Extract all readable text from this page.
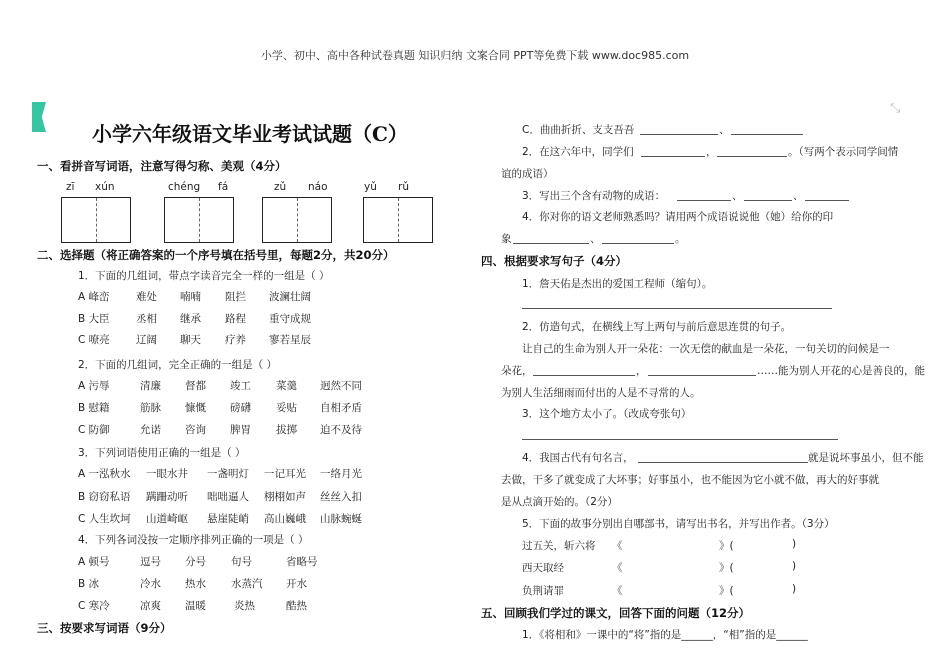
小学、初中、高中各种试卷真题 知识归纳 文案合同 PPT等免费下载 www.doc985.com
⤡
小学六年级语文毕业考试试题（C）
一、看拼音写词语，注意写得匀称、美观（4分）
zī xún	chéng fá	zǔ náo	yǔ rǔ
二、选择题（将正确答案的一个序号填在括号里，每题2分，共20分）
1．下面的几组词，带点字读音完全一样的一组是（ ）
A 峰峦	难处 喃喃 阻拦 波澜壮阔
B 大臣	丞相 继承 路程 重守成规
C 嘹亮	辽阔 聊天 疗养 寥若星辰
2．下面的几组词，完全正确的一组是（ ）
A 污辱	清廉 督都 竣工 菜羹 迥然不同
B 慰籍	筋脉 慷慨 磅礴 妥贴 自相矛盾
C 防御	允诺 咨询 脾胃 拔掷 迫不及待
3．下列词语使用正确的一组是（ ）
A 一泓秋水 一眼水井 一盏明灯 一记耳光 一络月光
B 窃窃私语 蹒跚动听 咄咄逼人 栩栩如声 丝丝入扣
C 人生坎坷 山道崎岖 悬崖陡峭 高山巍峨 山脉蜿蜒
4．下列各词没按一定顺序排列正确的一项是（ ）
A 顿号	逗号 分号 句号	省略号
B 冰	冷水 热水 水蒸汽 开水
C 寒冷	凉爽 温暖	炎热	酷热
三、按要求写词语（9分）
C．曲曲折折、支支吾吾	、
2．在这六年中，同学们	，	。（写两个表示同学间情
谊的成语）
3．写出三个含有动物的成语：	、	、
4．你对你的语文老师熟悉吗？请用两个成语说说他（她）给你的印
象	、	。
四、根据要求写句子（4分）
1．詹天佑是杰出的爱国工程师（缩句）。
2．仿造句式，在横线上写上两句与前后意思连贯的句子。
让自己的生命为别人开一朵花：一次无偿的献血是一朵花，一句关切的问候是一
朵花，	，	……能为别人开花的心是善良的，能
为别人生活细雨而付出的人是不寻常的人。
3．这个地方太小了。（改成夸张句）
4．我国古代有句名言，	就是说坏事虽小，但不能
去做，干多了就变成了大坏事；好事虽小，也不能因为它小就不做，再大的好事就
是从点滴开始的。（2分）
5．下面的故事分别出自哪部书，请写出书名，并写出作者。（3分）
过五关，斩六将 《	》(	)
西天取经	《	》(	)
负荆请罪	《	》(	)
五、回顾我们学过的课文，回答下面的问题（12分）
1．《将相和》一课中的“将”指的是______，“相”指的是______
